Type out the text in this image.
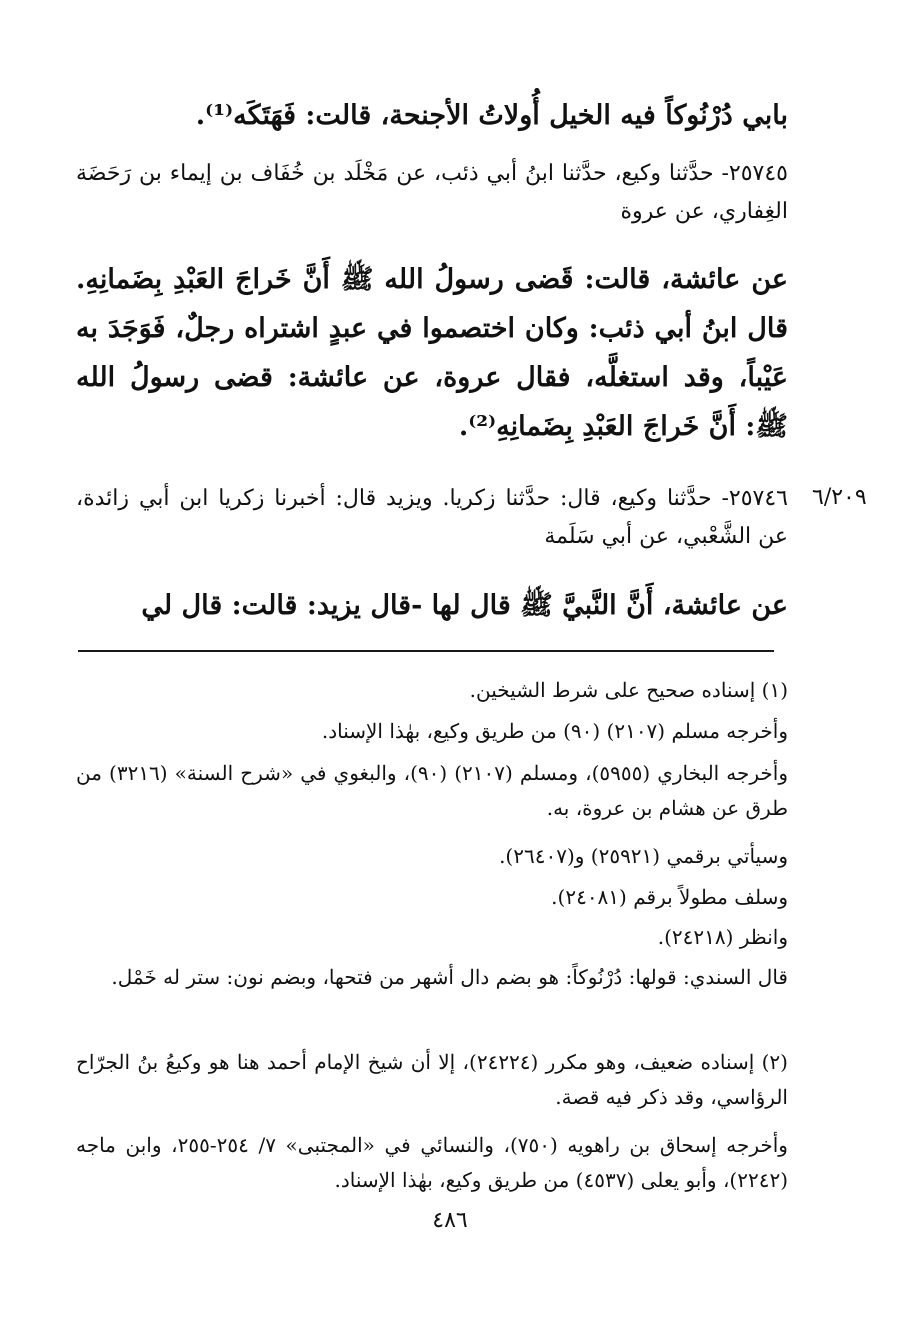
بابي دُرْنُوكاً فيه الخيل أُولاتُ الأجنحة، قالت: فَهَتَكَه⁽¹⁾.

٢٥٧٤٥- حدَّثنا وكيع، حدَّثنا ابنُ أبي ذئب، عن مَخْلَد بن خُفَاف بن إيماء بن رَحَضَة الغِفاري، عن عروة

عن عائشة، قالت: قَضى رسولُ الله ﷺ أَنَّ خَراجَ العَبْدِ بِضَمانِهِ. قال ابنُ أبي ذئب: وكان اختصموا في عبدٍ اشتراه رجلٌ، فَوَجَدَ به عَيْباً، وقد استغلَّه، فقال عروة، عن عائشة: قضى رسولُ الله ﷺ: أَنَّ خَراجَ العَبْدِ بِضَمانِهِ⁽²⁾.

٦/٢٠٩

٢٥٧٤٦- حدَّثنا وكيع، قال: حدَّثنا زكريا. ويزيد قال: أخبرنا زكريا ابن أبي زائدة، عن الشَّعْبي، عن أبي سَلَمة

عن عائشة، أَنَّ النَّبيَّ ﷺ قال لها -قال يزيد: قالت: قال لي

(١) إسناده صحيح على شرط الشيخين.

وأخرجه مسلم (٢١٠٧) (٩٠) من طريق وكيع، بهٰذا الإسناد.

وأخرجه البخاري (٥٩٥٥)، ومسلم (٢١٠٧) (٩٠)، والبغوي في «شرح السنة» (٣٢١٦) من طرق عن هشام بن عروة، به.

وسيأتي برقمي (٢٥٩٢١) و(٢٦٤٠٧).

وسلف مطولاً برقم (٢٤٠٨١).

وانظر (٢٤٢١٨).

قال السندي: قولها: دُرْنُوكاً: هو بضم دال أشهر من فتحها، وبضم نون: ستر له خَمْل.

(٢) إسناده ضعيف، وهو مكرر (٢٤٢٢٤)، إلا أن شيخ الإمام أحمد هنا هو وكيعُ بنُ الجرّاح الرؤاسي، وقد ذكر فيه قصة.

وأخرجه إسحاق بن راهويه (٧٥٠)، والنسائي في «المجتبى» ٧/ ٢٥٤-٢٥٥، وابن ماجه (٢٢٤٢)، وأبو يعلى (٤٥٣٧) من طريق وكيع، بهٰذا الإسناد.

٤٨٦
